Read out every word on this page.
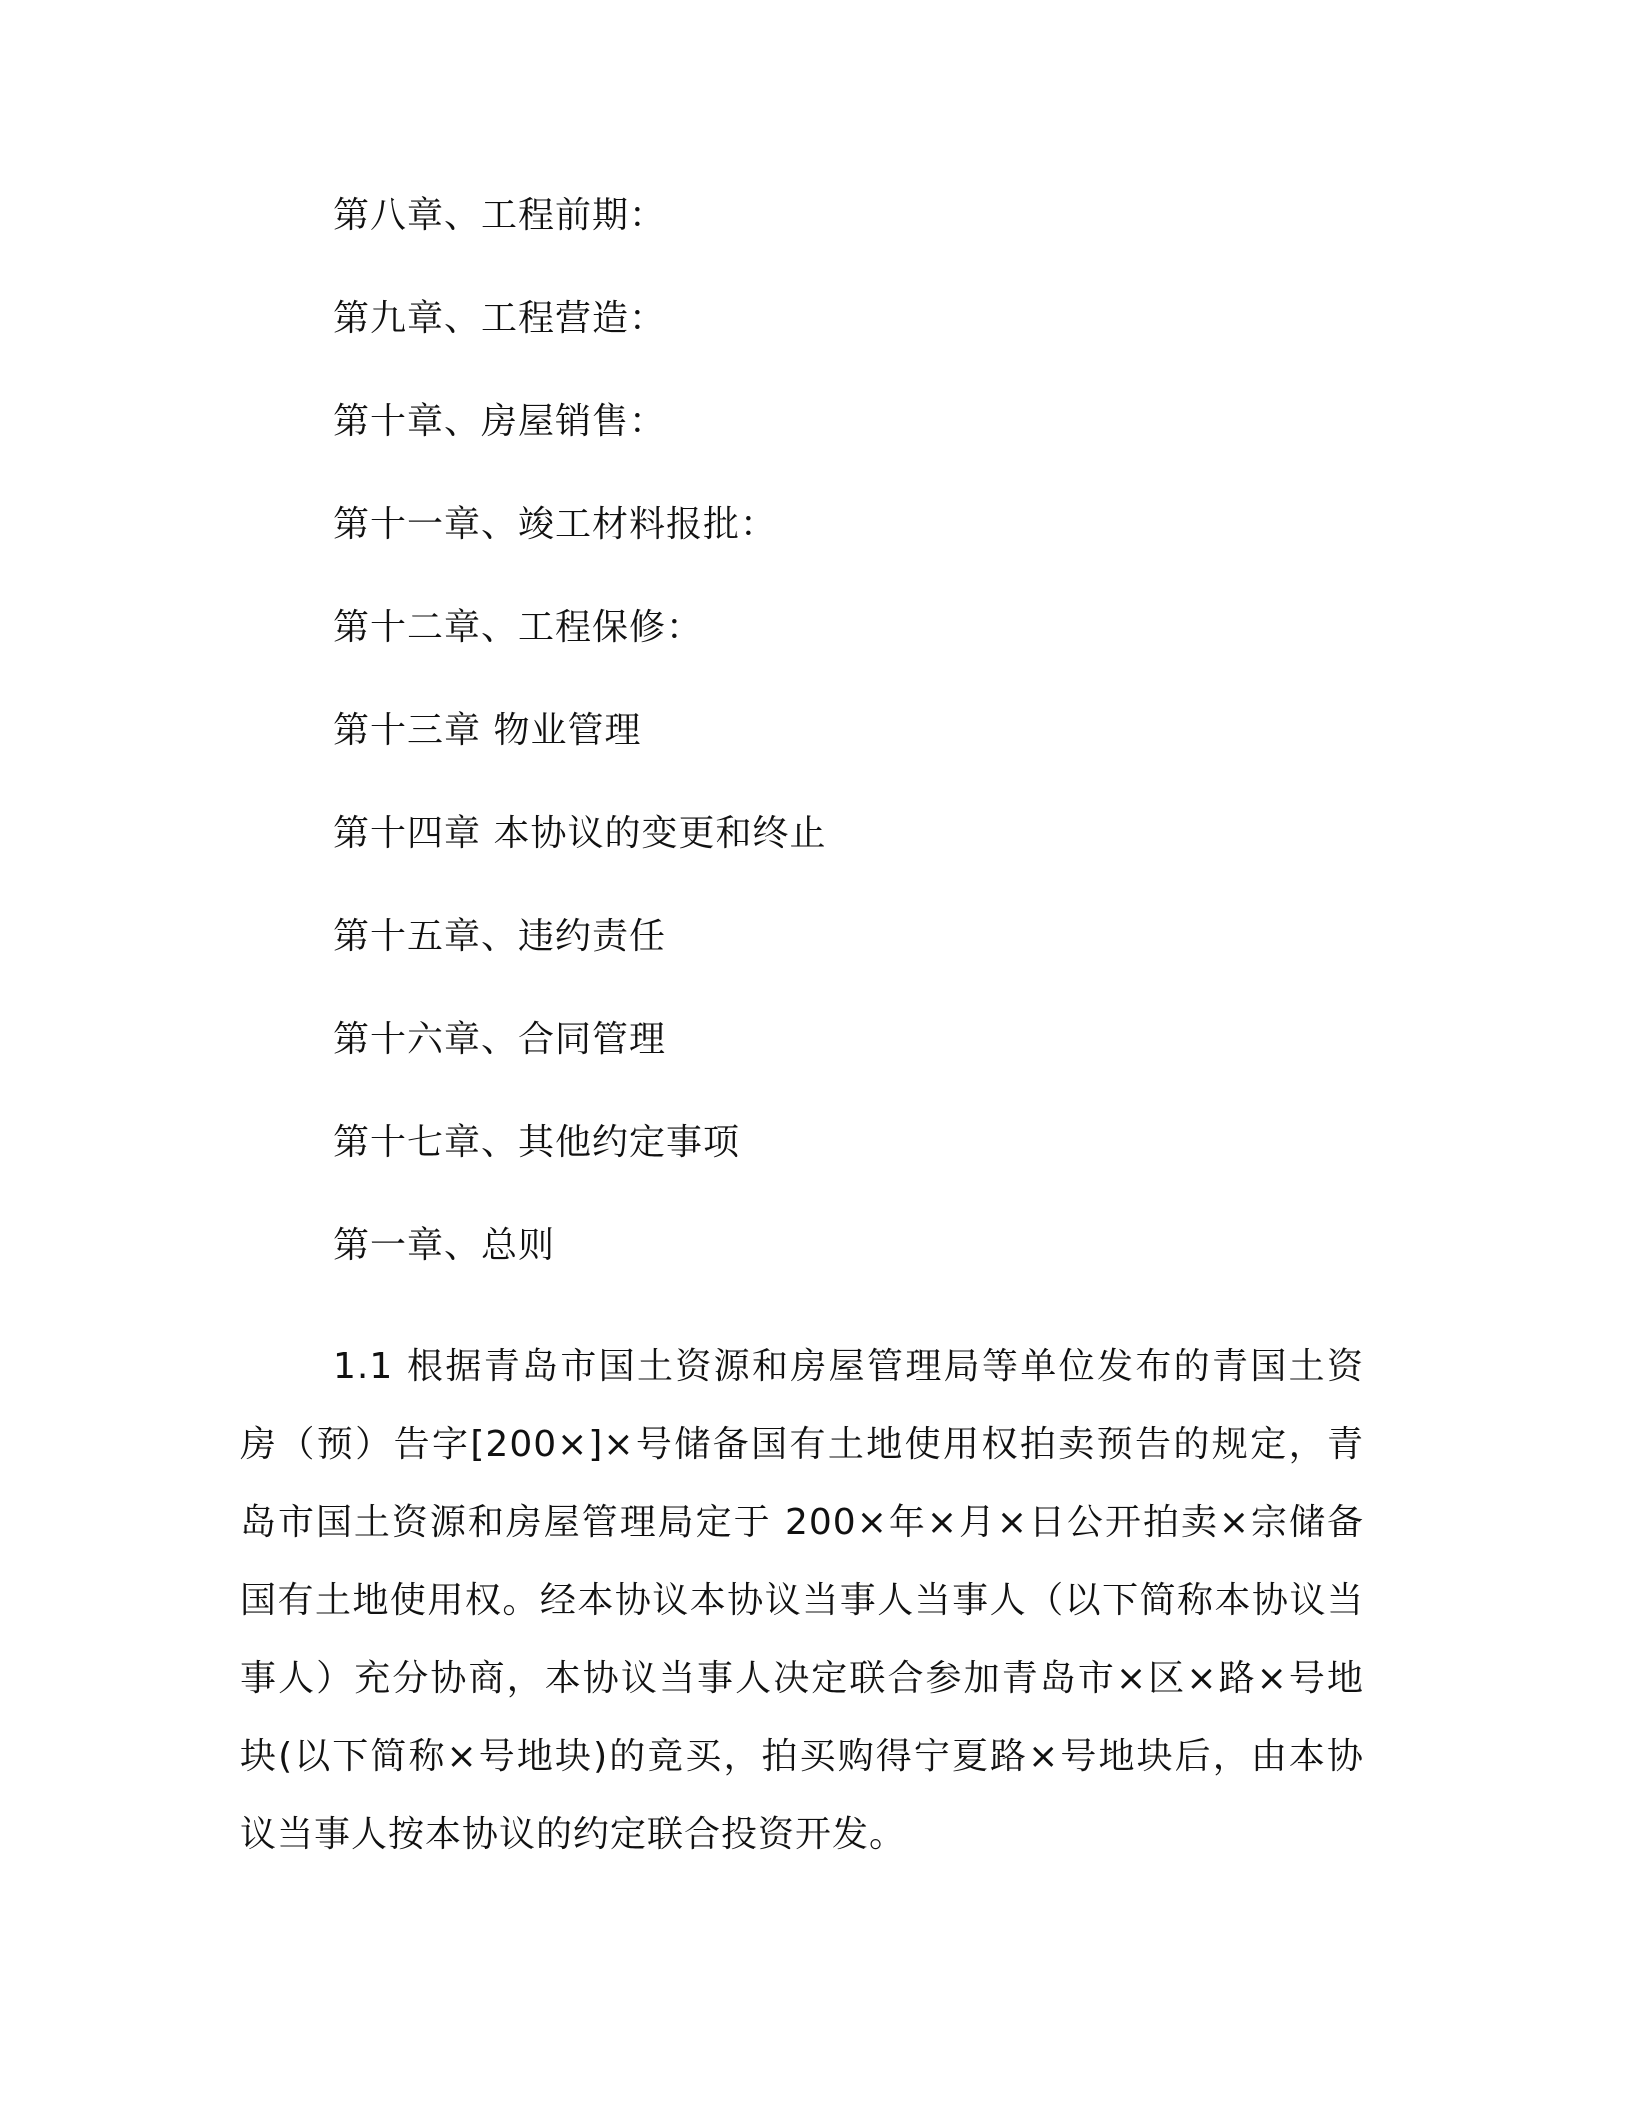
第八章、工程前期：
第九章、工程营造：
第十章、房屋销售：
第十一章、竣工材料报批：
第十二章、工程保修：
第十三章 物业管理
第十四章 本协议的变更和终止
第十五章、违约责任
第十六章、合同管理
第十七章、其他约定事项
第一章、总则

1.1 根据青岛市国土资源和房屋管理局等单位发布的青国土资房（预）告字[200×]×号储备国有土地使用权拍卖预告的规定，青岛市国土资源和房屋管理局定于 200×年×月×日公开拍卖×宗储备国有土地使用权。经本协议本协议当事人当事人（以下简称本协议当事人）充分协商，本协议当事人决定联合参加青岛市×区×路×号地块(以下简称×号地块)的竟买，拍买购得宁夏路×号地块后，由本协议当事人按本协议的约定联合投资开发。
